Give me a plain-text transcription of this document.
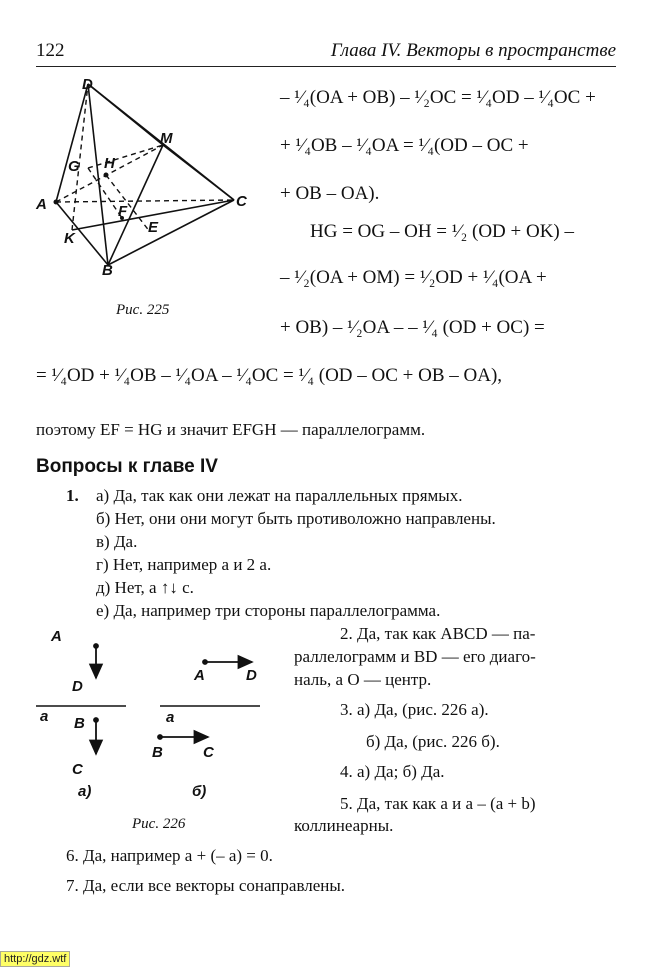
122	Глава IV. Векторы в пространстве
D
M
G H
A	F
C
E
K
B
Рис. 225
– ¹⁄₄(OA + OB) – ¹⁄₂OC = ¹⁄₄OD – ¹⁄₄OC +
+ ¹⁄₄OB – ¹⁄₄OA = ¹⁄₄(OD – OC +
+ OB – OA).
HG = OG – OH = ¹⁄₂ (OD + OK) –
– ¹⁄₂(OA + OM) = ¹⁄₂OD + ¹⁄₄(OA +
+ OB) – ¹⁄₂OA – – ¹⁄₄ (OD + OC) =
= ¹⁄₄OD + ¹⁄₄OB – ¹⁄₄OA – ¹⁄₄OC = ¹⁄₄ (OD – OC + OB – OA),
поэтому EF = HG и значит EFGH — параллелограмм.
Вопросы к главе IV
1. а) Да, так как они лежат на параллельных прямых.
б) Нет, они они могут быть противоложно направлены.
в) Да.
г) Нет, например a и 2 a.
д) Нет, a ↑↓ c.
е) Да, например три стороны параллелограмма.
A
D
a B
C
A	D
a
B	C
а)	б)
Рис. 226
2. Да, так как ABCD — па-
раллелограмм и BD — его диаго-
наль, а O — центр.
3. а) Да, (рис. 226 а).
б) Да, (рис. 226 б).
4. а) Да; б) Да.
5. Да, так как a и a – (a + b)
коллинеарны.
6. Да, например a + (– a) = 0.
7. Да, если все векторы сонаправлены.
http://gdz.wtf
